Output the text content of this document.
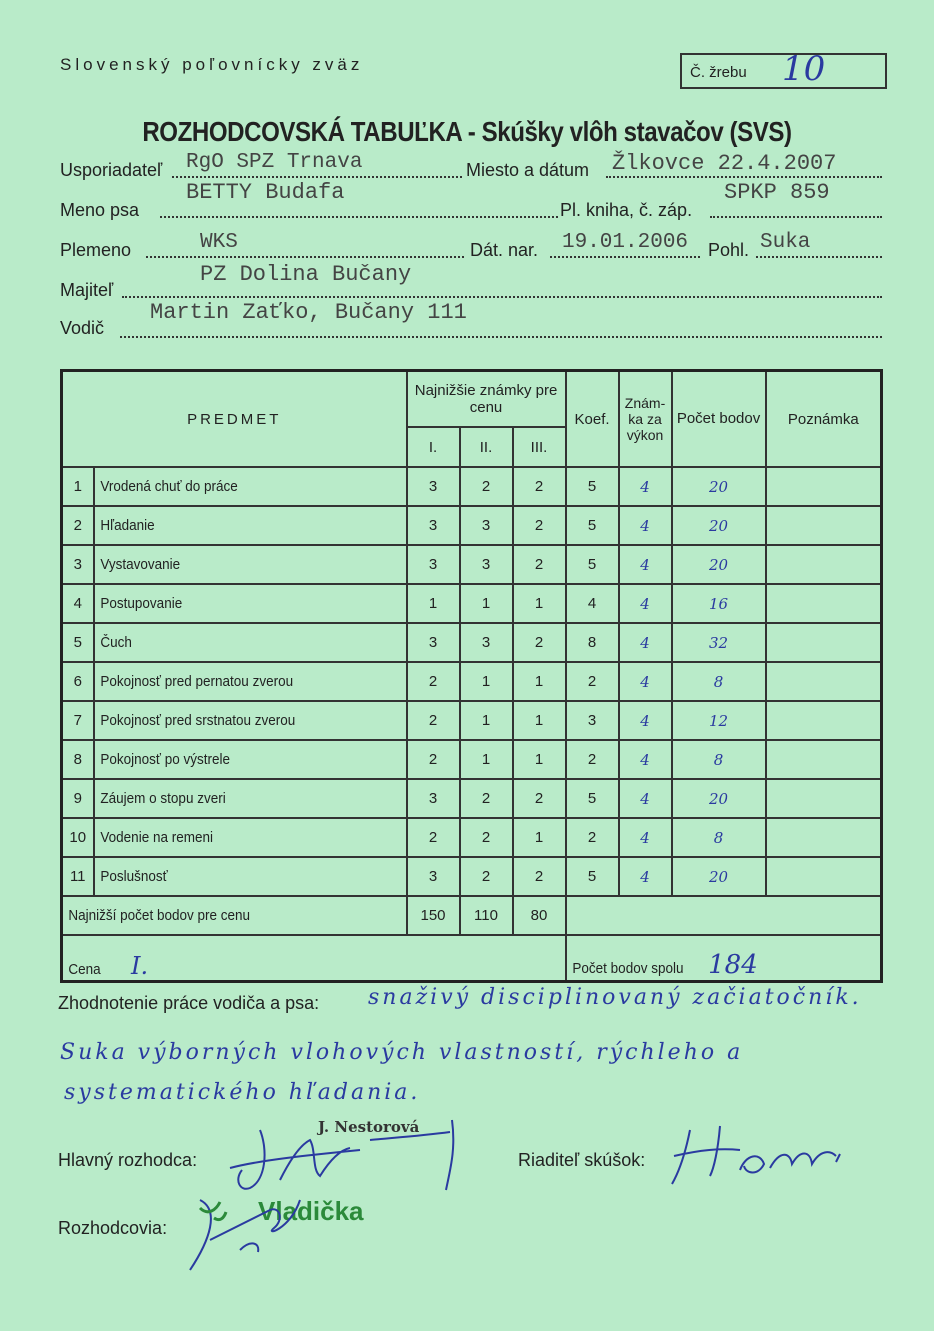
Slovenský poľovnícky zväz	Č. žrebu 10
ROZHODCOVSKÁ TABUĽKA - Skúšky vlôh stavačov (SVS)
Usporiadateľ RgO SPZ Trnava	Miesto a dátum Žlkovce 22.4.2007
BETTY Budafa	SPKP 859
Meno psa	Pl. kniha, č. záp.
Plemeno	WKS	Dát. nar. 19.01.2006 Pohl. Suka
PZ Dolina Bučany
Majiteľ
Martin Zaťko, Bučany 111
Vodič
PREDMET		Najnižšie známky pre cenu			Koef.	Znám-ka za výkon	Počet bodov	Poznámka
		I.	II.	III.				
1	Vrodená chuť do práce	3	2	2	5	4	20	
2	Hľadanie	3	3	2	5	4	20	
3	Vystavovanie	3	3	2	5	4	20	
4	Postupovanie	1	1	1	4	4	16	
5	Čuch	3	3	2	8	4	32	
6	Pokojnosť pred pernatou zverou	2	1	1	2	4	8	
7	Pokojnosť pred srstnatou zverou	2	1	1	3	4	12	
8	Pokojnosť po výstrele	2	1	1	2	4	8	
9	Záujem o stopu zveri	3	2	2	5	4	20	
10	Vodenie na remeni	2	2	1	2	4	8	
11	Poslušnosť	3	2	2	5	4	20	
Najnižší počet bodov pre cenu		150	110	80				
Cena I.					Počet bodov spolu 184			
Zhodnotenie práce vodiča a psa: snaživý disciplinovaný začiatočník.
Suka výborných vlohových vlastností, rýchleho a
systematického hľadania.
Hlavný rozhodca:
J. Nestorová
Riaditeľ skúšok:
Rozhodcovia:
Vladička
